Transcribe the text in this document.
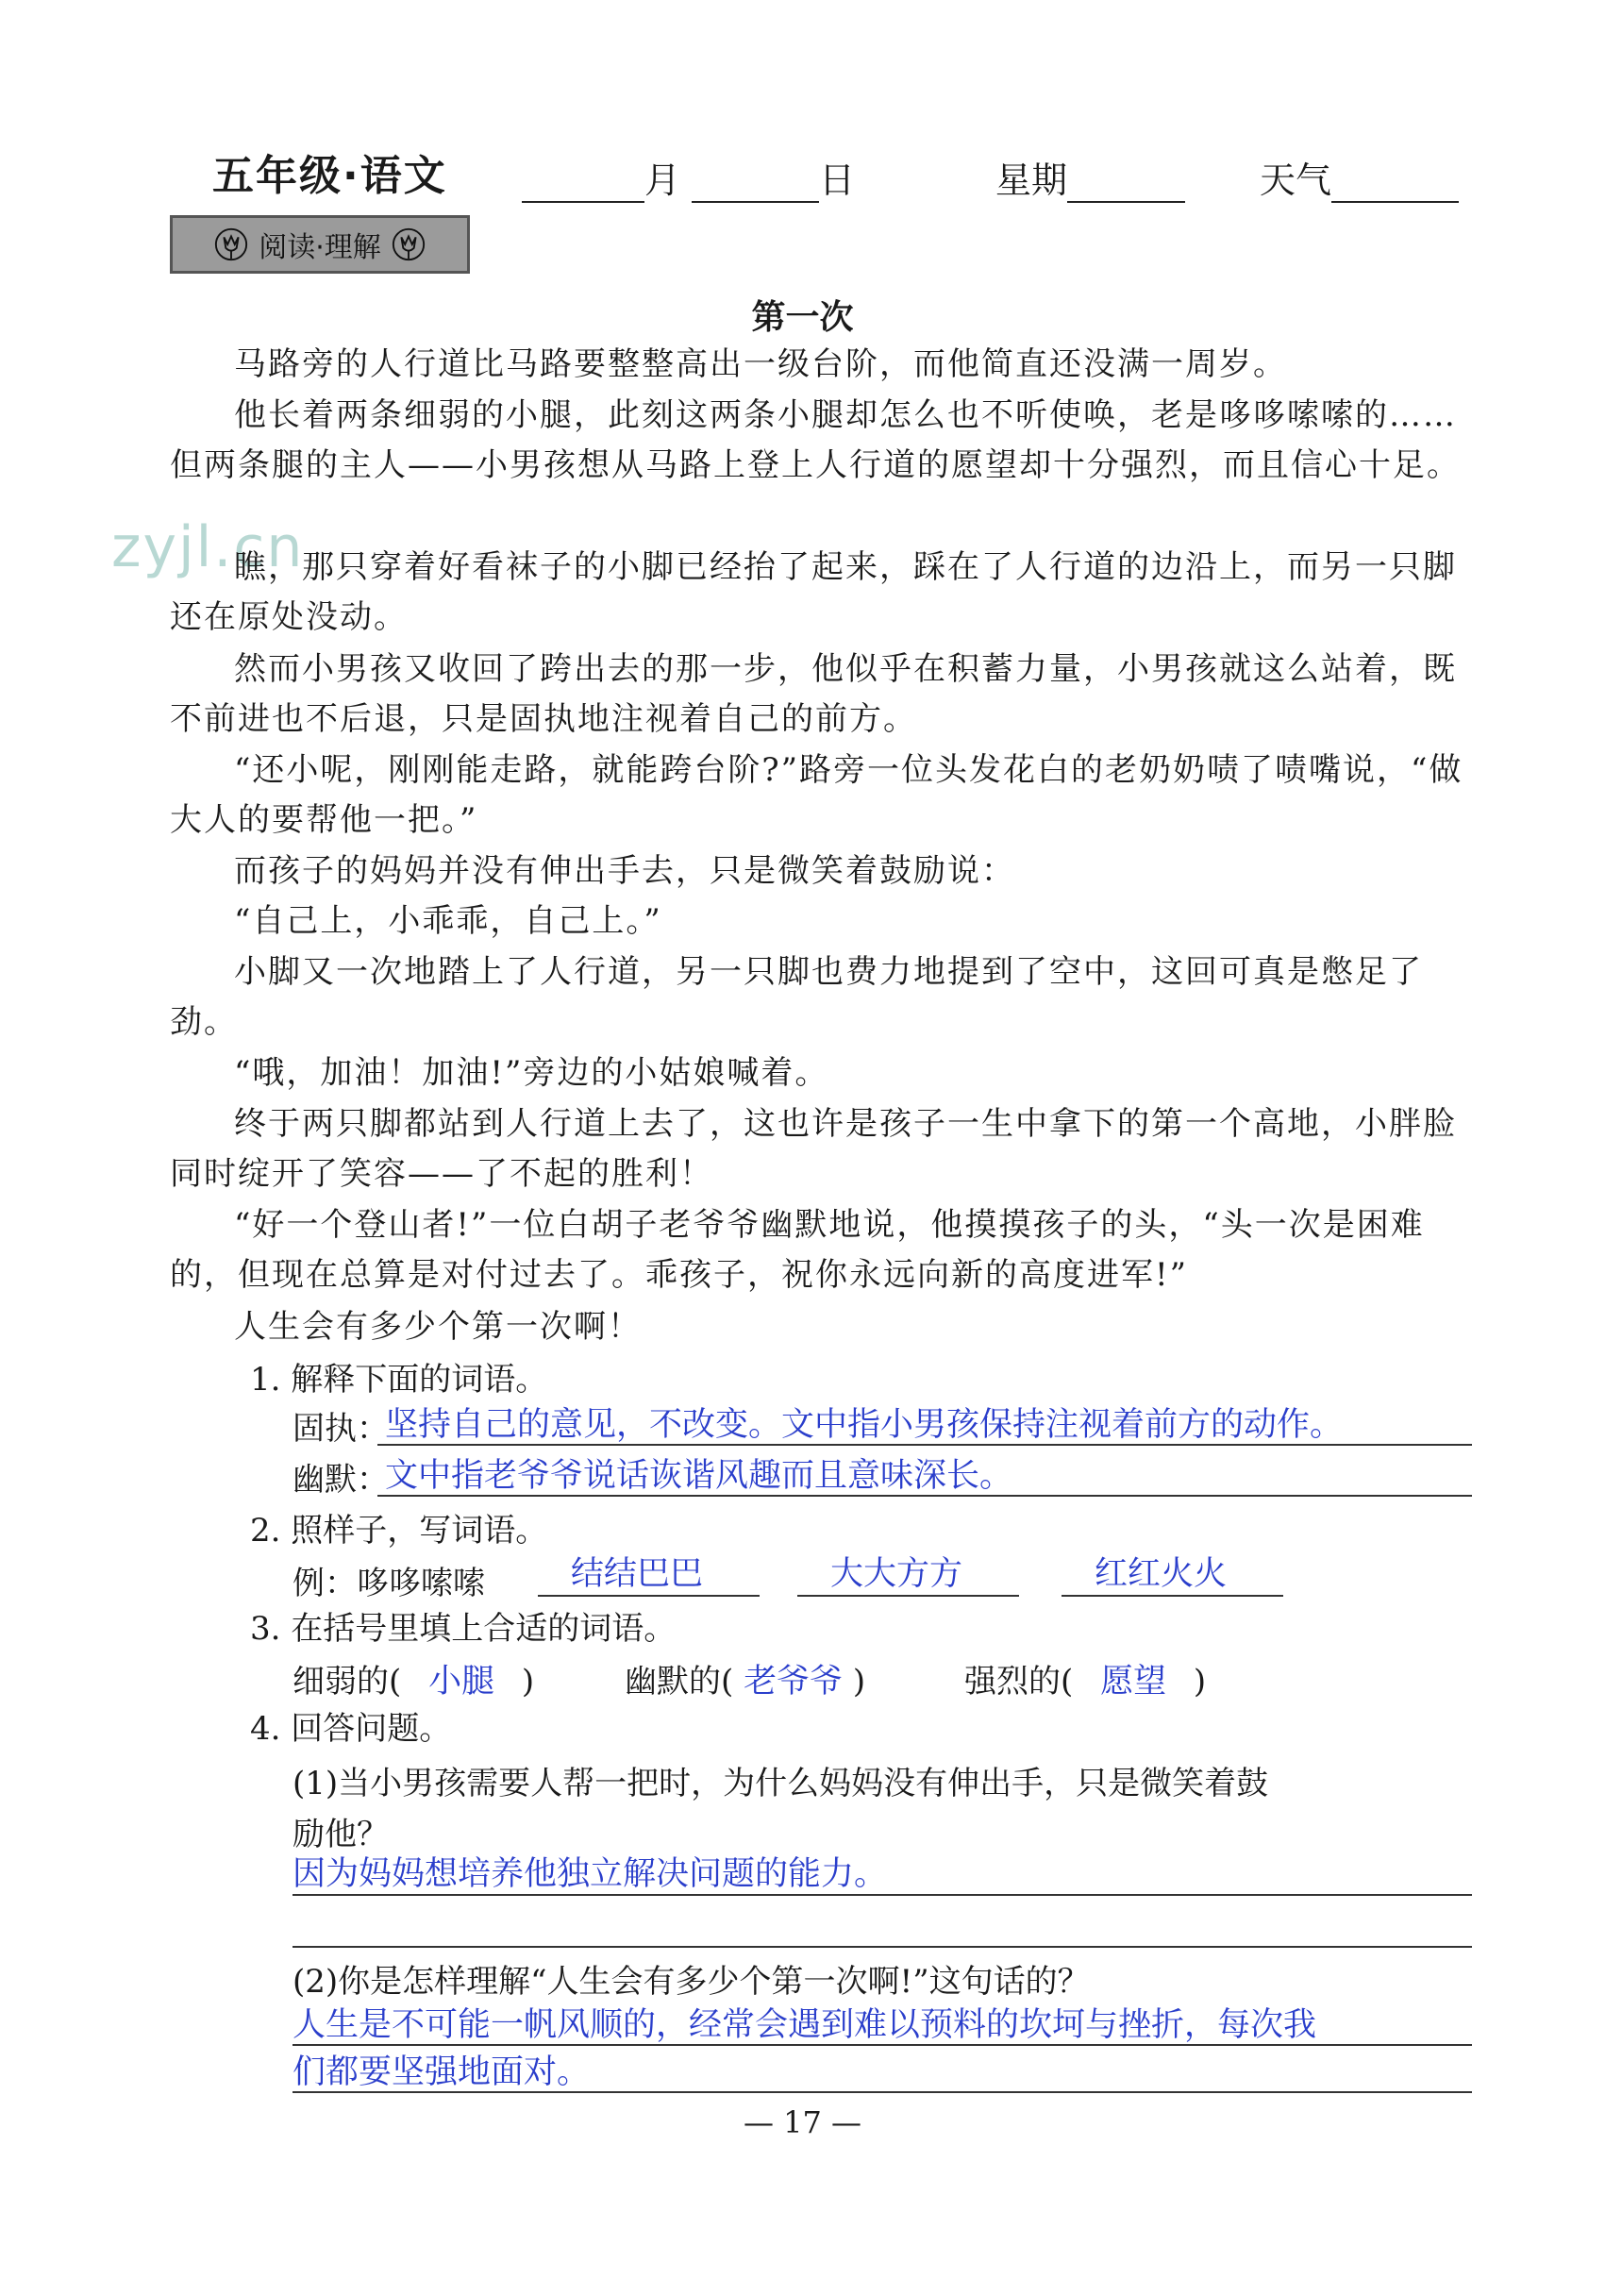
五年级·语文	月	日	星期	天气
阅读·理解
zyjl.cn
第一次

马路旁的人行道比马路要整整高出一级台阶，而他简直还没满一周岁。

他长着两条细弱的小腿，此刻这两条小腿却怎么也不听使唤，老是哆哆嗦嗦的……但两条腿的主人——小男孩想从马路上登上人行道的愿望却十分强烈，而且信心十足。

瞧，那只穿着好看袜子的小脚已经抬了起来，踩在了人行道的边沿上，而另一只脚还在原处没动。

然而小男孩又收回了跨出去的那一步，他似乎在积蓄力量，小男孩就这么站着，既不前进也不后退，只是固执地注视着自己的前方。

“还小呢，刚刚能走路，就能跨台阶?”路旁一位头发花白的老奶奶啧了啧嘴说，“做大人的要帮他一把。”

而孩子的妈妈并没有伸出手去，只是微笑着鼓励说：

“自己上，小乖乖，自己上。”

小脚又一次地踏上了人行道，另一只脚也费力地提到了空中，这回可真是憋足了劲。

“哦，加油！加油!”旁边的小姑娘喊着。

终于两只脚都站到人行道上去了，这也许是孩子一生中拿下的第一个高地，小胖脸同时绽开了笑容——了不起的胜利！

“好一个登山者!”一位白胡子老爷爷幽默地说，他摸摸孩子的头，“头一次是困难的，但现在总算是对付过去了。乖孩子，祝你永远向新的高度进军!”

人生会有多少个第一次啊！

1. 解释下面的词语。
固执：
坚持自己的意见，不改变。文中指小男孩保持注视着前方的动作。
幽默：
文中指老爷爷说话诙谐风趣而且意味深长。
2. 照样子，写词语。
例：哆哆嗦嗦	结结巴巴	大大方方	红红火火
3. 在括号里填上合适的词语。
细弱的( 小腿 )	幽默的( 老爷爷 )	强烈的( 愿望 )
4. 回答问题。
(1)当小男孩需要人帮一把时，为什么妈妈没有伸出手，只是微笑着鼓
励他？
因为妈妈想培养他独立解决问题的能力。
(2)你是怎样理解“人生会有多少个第一次啊!”这句话的？
人生是不可能一帆风顺的，经常会遇到难以预料的坎坷与挫折，每次我
们都要坚强地面对。
— 17 —
